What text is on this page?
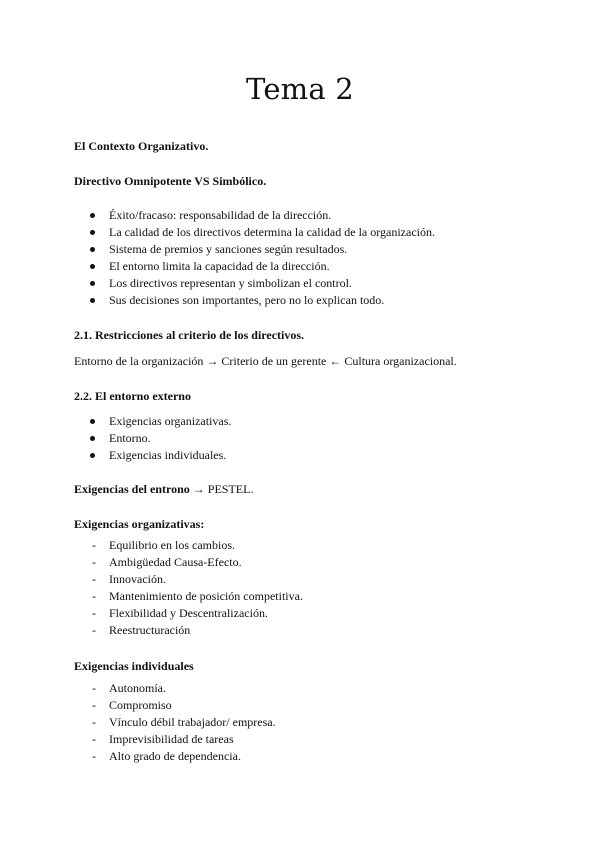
Tema 2
El Contexto Organizativo.
Directivo Omnipotente VS Simbólico.
Éxito/fracaso: responsabilidad de la dirección.
La calidad de los directivos determina la calidad de la organización.
Sistema de premios y sanciones según resultados.
El entorno limita la capacidad de la dirección.
Los directivos representan y simbolizan el control.
Sus decisiones son importantes, pero no lo explican todo.
2.1. Restricciones al criterio de los directivos.
Entorno de la organización → Criterio de un gerente ← Cultura organizacional.
2.2. El entorno externo
Exigencias organizativas.
Entorno.
Exigencias individuales.
Exigencias del entrono → PESTEL.
Exigencias organizativas:
- Equilibrio en los cambios.
- Ambigüedad Causa-Efecto.
- Innovación.
- Mantenimiento de posición competitiva.
- Flexibilidad y Descentralización.
- Reestructuración
Exigencias individuales
- Autonomía.
- Compromiso
- Vínculo débil trabajador/ empresa.
- Imprevisibilidad de tareas
- Alto grado de dependencia.
